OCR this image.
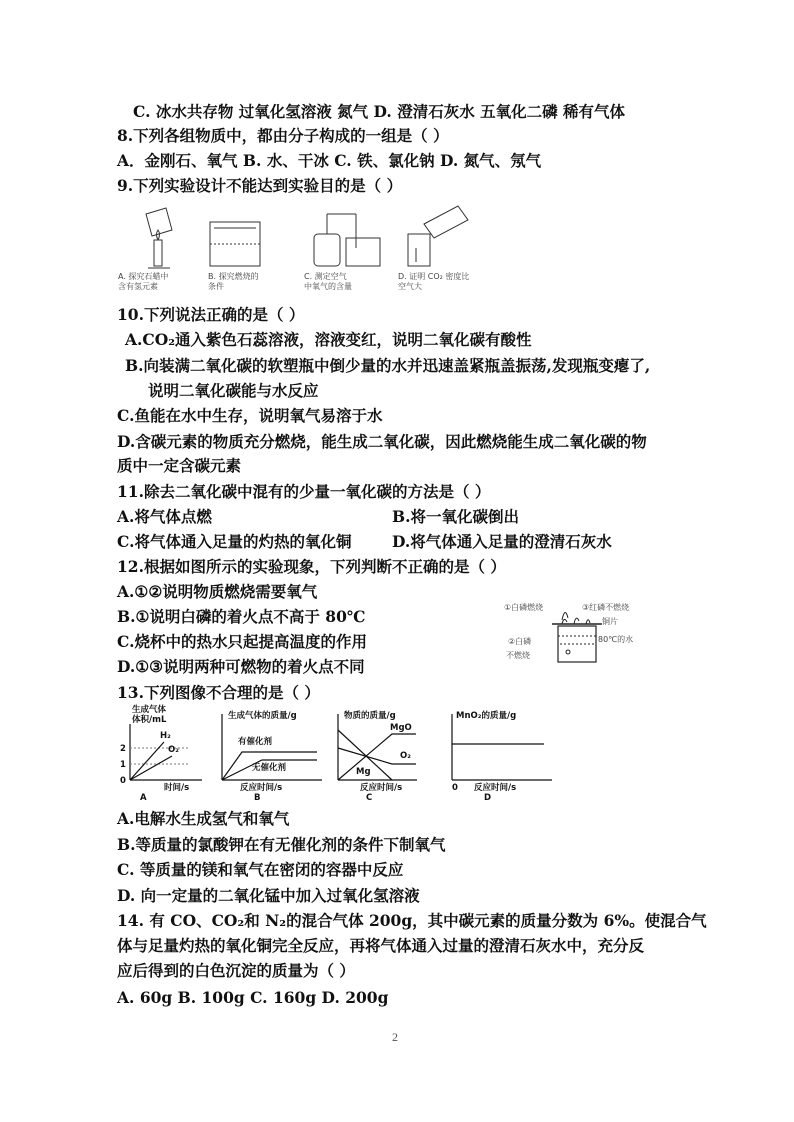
C. 冰水共存物 过氧化氢溶液 氮气 D. 澄清石灰水 五氧化二磷 稀有气体
8.下列各组物质中，都由分子构成的一组是（ ）
A．金刚石、氧气 B. 水、干冰 C. 铁、氯化钠 D. 氮气、氖气
9.下列实验设计不能达到实验目的是（ ）
A. 探究石蜡中
含有氢元素
B. 探究燃烧的
条件
C. 测定空气
中氧气的含量
D. 证明 CO₂ 密度比
空气大
10.下列说法正确的是（ ）
A.CO₂通入紫色石蕊溶液，溶液变红，说明二氧化碳有酸性
B.向装满二氧化碳的软塑瓶中倒少量的水并迅速盖紧瓶盖振荡,发现瓶变瘪了,
说明二氧化碳能与水反应
C.鱼能在水中生存，说明氧气易溶于水
D.含碳元素的物质充分燃烧，能生成二氧化碳，因此燃烧能生成二氧化碳的物
质中一定含碳元素
11.除去二氧化碳中混有的少量一氧化碳的方法是（ ）
A.将气体点燃	B.将一氧化碳倒出
C.将气体通入足量的灼热的氧化铜	D.将气体通入足量的澄清石灰水
12.根据如图所示的实验现象，下列判断不正确的是（ ）
A.①②说明物质燃烧需要氧气
B.①说明白磷的着火点不高于 80℃
C.烧杯中的热水只起提高温度的作用
D.①③说明两种可燃物的着火点不同
①白磷燃烧	③红磷不燃烧
铜片
②白磷
不燃烧
80℃的水
13.下列图像不合理的是（ ）
生成气体
体积/mL
H₂
O₂
2
1
0
时间/s
A
生成气体的质量/g
有催化剂
无催化剂
反应时间/s
B
物质的质量/g
MgO
O₂
Mg
反应时间/s
C
MnO₂的质量/g
0 反应时间/s
D
A.电解水生成氢气和氧气
B.等质量的氯酸钾在有无催化剂的条件下制氧气
C. 等质量的镁和氧气在密闭的容器中反应
D. 向一定量的二氧化锰中加入过氧化氢溶液
14. 有 CO、CO₂和 N₂的混合气体 200g，其中碳元素的质量分数为 6%。使混合气
体与足量灼热的氧化铜完全反应，再将气体通入过量的澄清石灰水中，充分反
应后得到的白色沉淀的质量为（ ）
A. 60g B. 100g C. 160g D. 200g
2
